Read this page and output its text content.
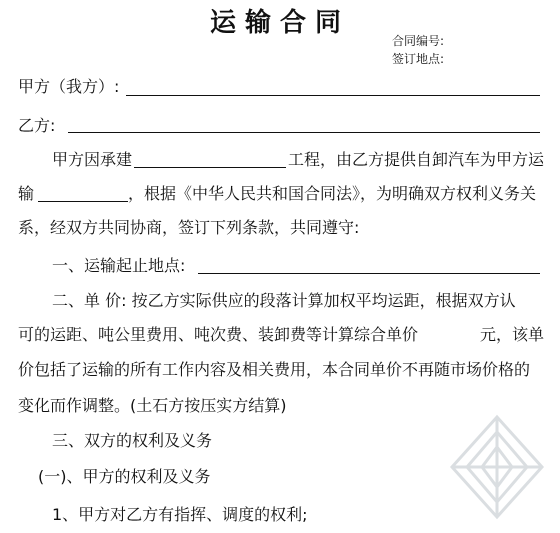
运输合同
合同编号:
签订地点:
甲方（我方）:
乙方:
甲方因承建	工程，由乙方提供自卸汽车为甲方运
输	，根据《中华人民共和国合同法》，为明确双方权利义务关
系，经双方共同协商，签订下列条款，共同遵守:
一、运输起止地点:
二、单 价: 按乙方实际供应的段落计算加权平均运距，根据双方认
可的运距、吨公里费用、吨次费、装卸费等计算综合单价	元，该单
价包括了运输的所有工作内容及相关费用，本合同单价不再随市场价格的
变化而作调整。(土石方按压实方结算)
三、双方的权利及义务
(一)、甲方的权利及义务
1、甲方对乙方有指挥、调度的权利;
